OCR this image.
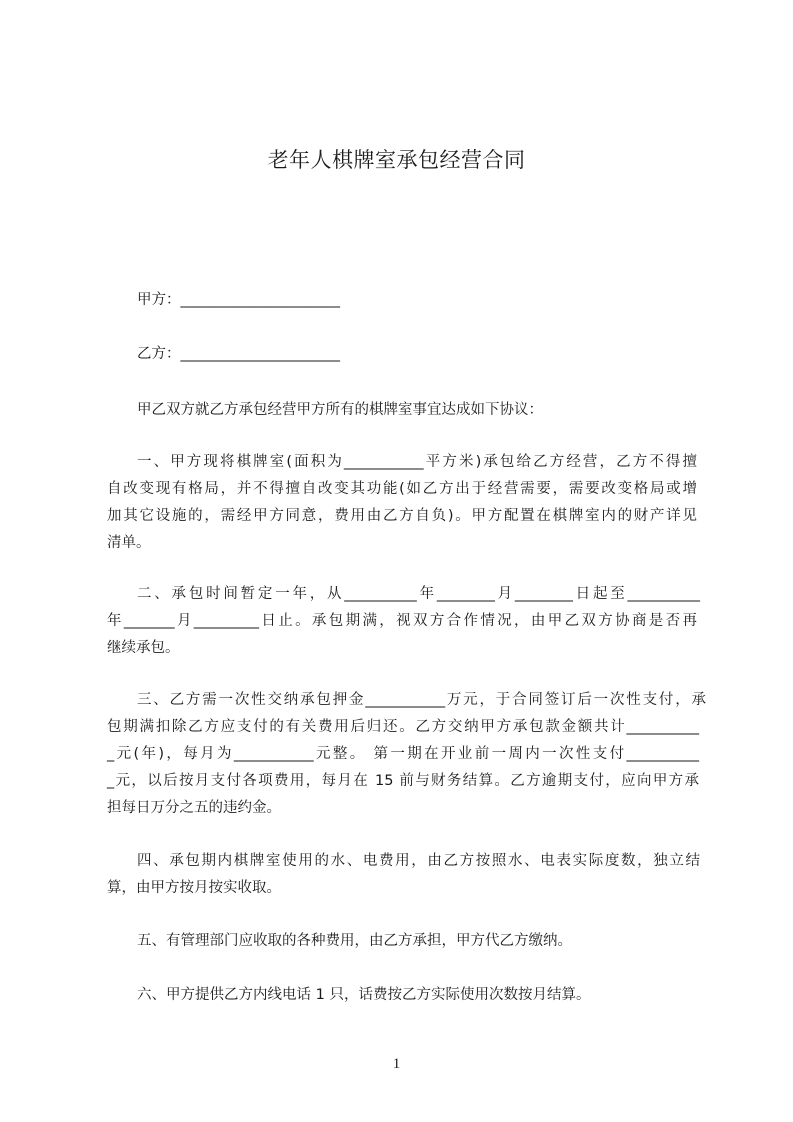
老年人棋牌室承包经营合同
甲方：______________________
乙方：______________________
甲乙双方就乙方承包经营甲方所有的棋牌室事宜达成如下协议：
一、甲方现将棋牌室(面积为___________平方米)承包给乙方经营，乙方不得擅
自改变现有格局，并不得擅自改变其功能(如乙方出于经营需要，需要改变格局或增
加其它设施的，需经甲方同意，费用由乙方自负)。甲方配置在棋牌室内的财产详见
清单。
二、承包时间暂定一年，从__________年________月________日起至__________
年_______月_________日止。承包期满，视双方合作情况，由甲乙双方协商是否再
继续承包。
三、乙方需一次性交纳承包押金___________万元，于合同签订后一次性支付，承
包期满扣除乙方应支付的有关费用后归还。乙方交纳甲方承包款金额共计__________
_元(年)，每月为___________元整。 第一期在开业前一周内一次性支付__________
_元，以后按月支付各项费用，每月在 15 前与财务结算。乙方逾期支付，应向甲方承
担每日万分之五的违约金。
四、承包期内棋牌室使用的水、电费用，由乙方按照水、电表实际度数，独立结
算，由甲方按月按实收取。
五、有管理部门应收取的各种费用，由乙方承担，甲方代乙方缴纳。
六、甲方提供乙方内线电话 1 只，话费按乙方实际使用次数按月结算。
1
